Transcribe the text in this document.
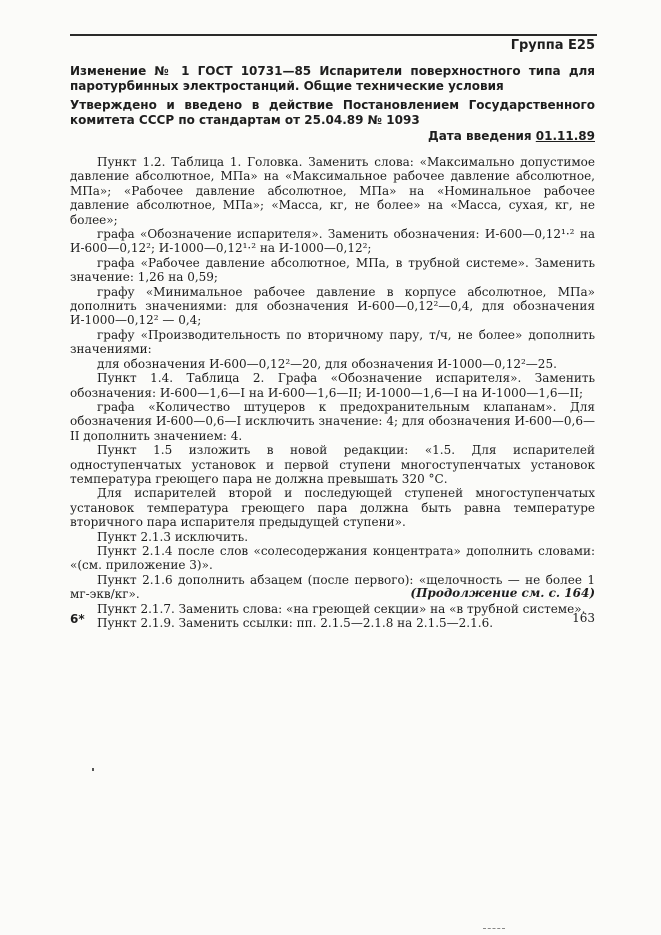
Группа Е25
Изменение № 1 ГОСТ 10731—85 Испарители поверхностного типа для паротурбинных электростанций. Общие технические условия
Утверждено и введено в действие Постановлением Государственного комитета СССР по стандартам от 25.04.89 № 1093
Дата введения 01.11.89

Пункт 1.2. Таблица 1. Головка. Заменить слова: «Максимально допустимое давление абсолютное, МПа» на «Максимальное рабочее давление абсолютное, МПа»; «Рабочее давление абсолютное, МПа» на «Номинальное рабочее давление абсолютное, МПа»; «Масса, кг, не более» на «Масса, сухая, кг, не более»;

графа «Обозначение испарителя». Заменить обозначения: И-600—0,12¹·² на И-600—0,12²; И-1000—0,12¹·² на И-1000—0,12²;

графа «Рабочее давление абсолютное, МПа, в трубной системе». Заменить значение: 1,26 на 0,59;

графу «Минимальное рабочее давление в корпусе абсолютное, МПа» дополнить значениями: для обозначения И-600—0,12²—0,4, для обозначения И-1000—0,12² — 0,4;

графу «Производительность по вторичному пару, т/ч, не более» дополнить значениями:

для обозначения И-600—0,12²—20, для обозначения И-1000—0,12²—25.

Пункт 1.4. Таблица 2. Графа «Обозначение испарителя». Заменить обозначения: И-600—1,6—I на И-600—1,6—II; И-1000—1,6—I на И-1000—1,6—II;

графа «Количество штуцеров к предохранительным клапанам». Для обозначения И-600—0,6—I исключить значение: 4; для обозначения И-600—0,6—II дополнить значением: 4.

Пункт 1.5 изложить в новой редакции: «1.5. Для испарителей одноступенчатых установок и первой ступени многоступенчатых установок температура греющего пара не должна превышать 320 °С.

Для испарителей второй и последующей ступеней многоступенчатых установок температура греющего пара должна быть равна температуре вторичного пара испарителя предыдущей ступени».

Пункт 2.1.3 исключить.

Пункт 2.1.4 после слов «солесодержания концентрата» дополнить словами: «(см. приложение 3)».

Пункт 2.1.6 дополнить абзацем (после первого): «щелочность — не более 1 мг-экв/кг».

Пункт 2.1.7. Заменить слова: «на греющей секции» на «в трубной системе».

Пункт 2.1.9. Заменить ссылки: пп. 2.1.5—2.1.8 на 2.1.5—2.1.6.

(Продолжение см. с. 164)
6*	163
